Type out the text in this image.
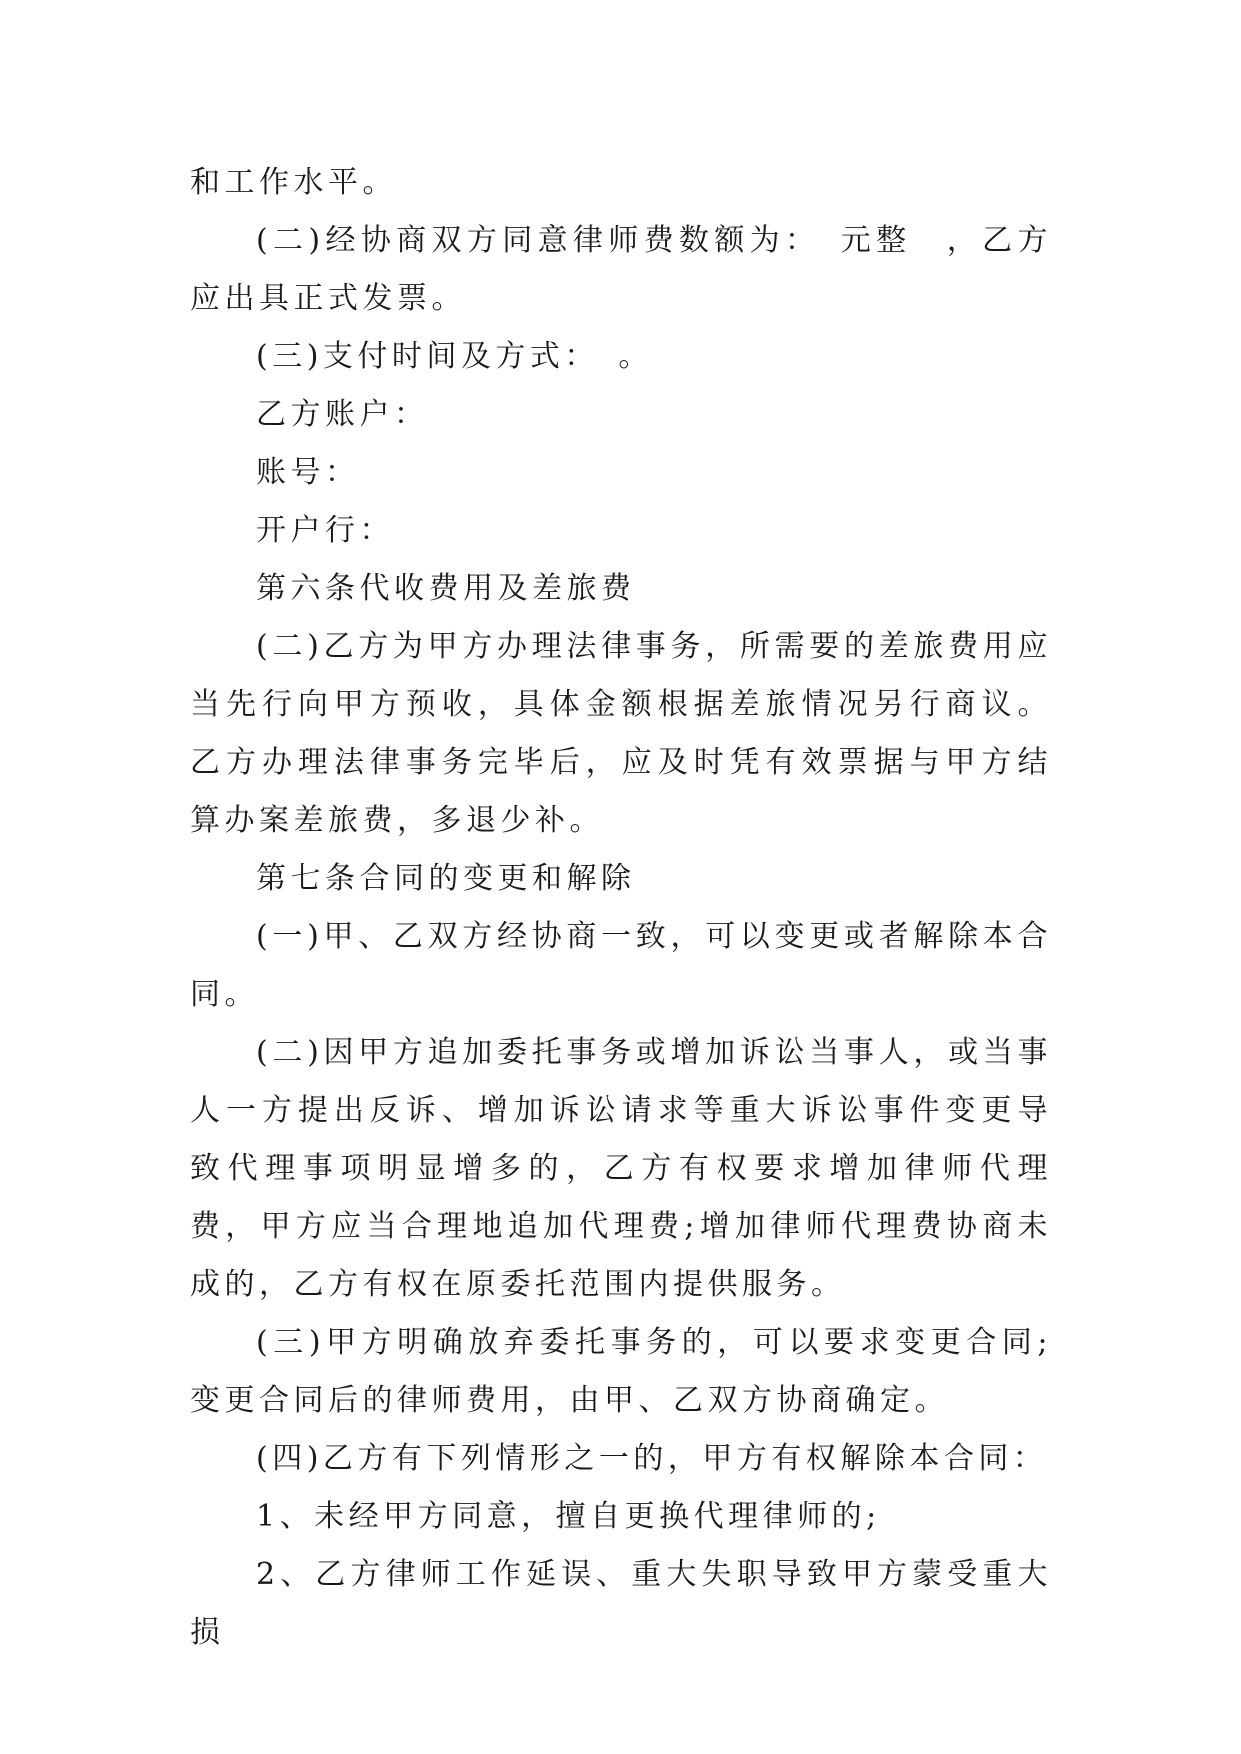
和工作水平。

(二)经协商双方同意律师费数额为：　元整　，乙方应出具正式发票。

(三)支付时间及方式：　。

乙方账户：

账号：

开户行：

第六条代收费用及差旅费

(二)乙方为甲方办理法律事务，所需要的差旅费用应当先行向甲方预收，具体金额根据差旅情况另行商议。乙方办理法律事务完毕后，应及时凭有效票据与甲方结算办案差旅费，多退少补。

第七条合同的变更和解除

(一)甲、乙双方经协商一致，可以变更或者解除本合同。

(二)因甲方追加委托事务或增加诉讼当事人，或当事人一方提出反诉、增加诉讼请求等重大诉讼事件变更导致代理事项明显增多的，乙方有权要求增加律师代理费，甲方应当合理地追加代理费;增加律师代理费协商未成的，乙方有权在原委托范围内提供服务。

(三)甲方明确放弃委托事务的，可以要求变更合同;变更合同后的律师费用，由甲、乙双方协商确定。

(四)乙方有下列情形之一的，甲方有权解除本合同：

1、未经甲方同意，擅自更换代理律师的;

2、乙方律师工作延误、重大失职导致甲方蒙受重大损
